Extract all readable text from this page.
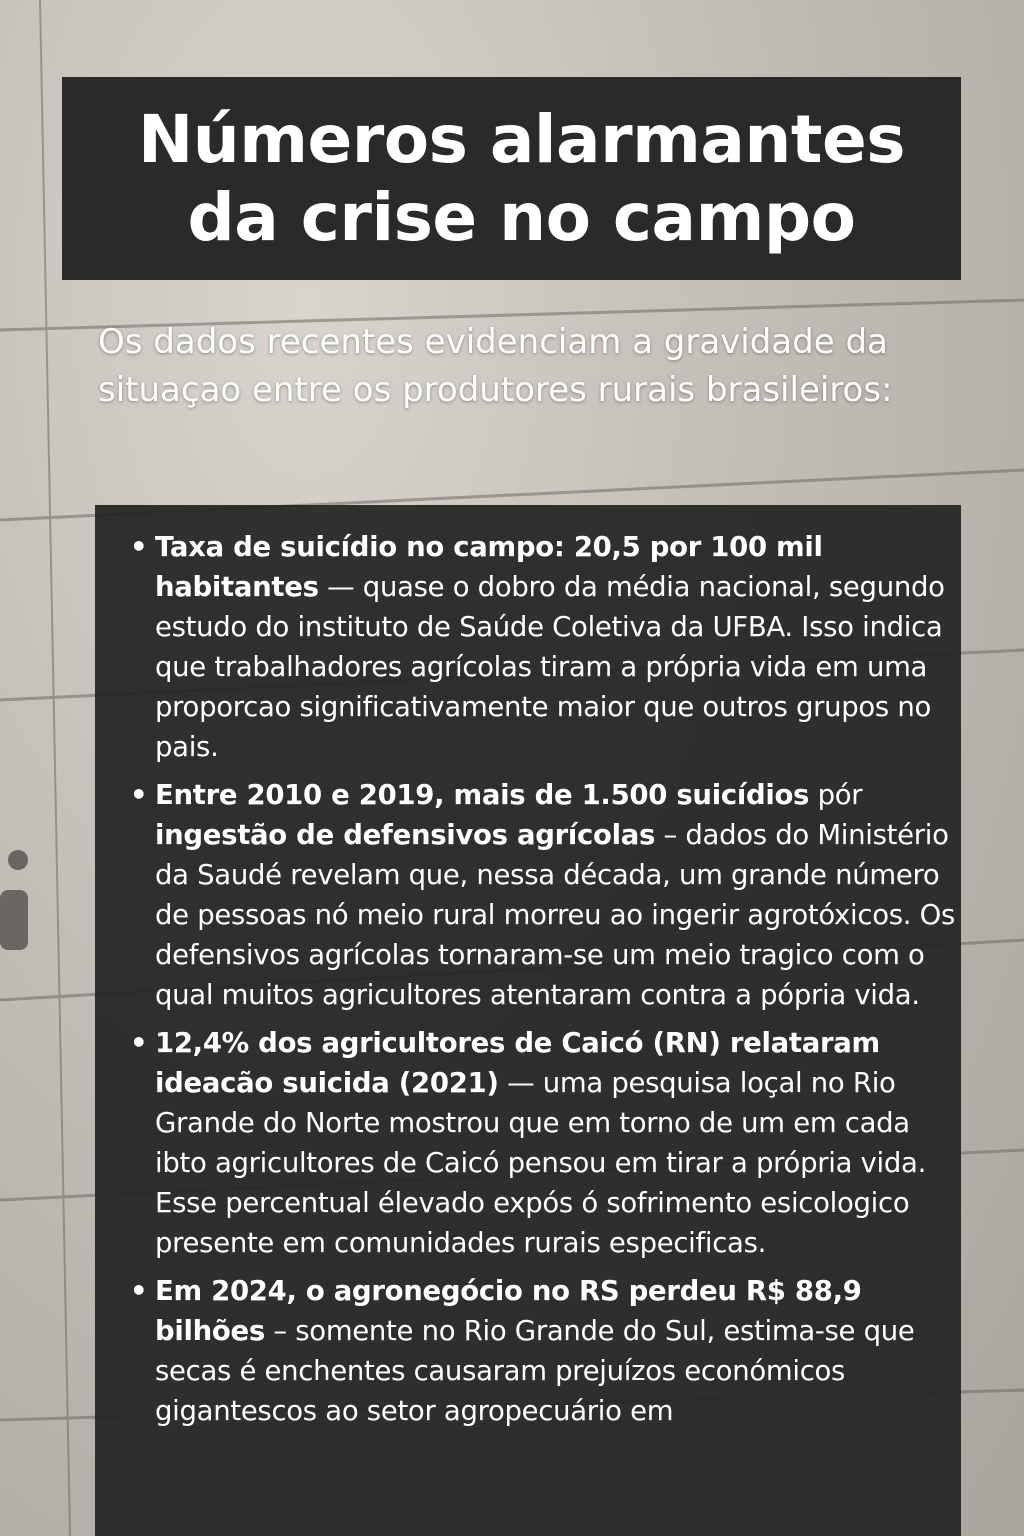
Números alarmantes
da crise no campo

Os dados recentes evidenciam a gravidade da situaçao entre os produtores rurais brasileiros:

• Taxa de suicídio no campo: 20,5 por 100 mil habitantes — quase o dobro da média nacional, segundo estudo do instituto de Saúde Coletiva da UFBA. Isso indica que trabalhadores agrícolas tiram a própria vida em uma proporcao significativamente maior que outros grupos no pais.
• Entre 2010 e 2019, mais de 1.500 suicídios pór ingestão de defensivos agrícolas – dados do Ministério da Saudé revelam que, nessa década, um grande número de pessoas nó meio rural morreu ao ingerir agrotóxicos. Os defensivos agrícolas tornaram-se um meio tragico com o qual muitos agricultores atentaram contra a pópria vida.
• 12,4% dos agricultores de Caicó (RN) relataram ideacão suicida (2021) — uma pesquisa loçal no Rio Grande do Norte mostrou que em torno de um em cada ibto agricultores de Caicó pensou em tirar a própria vida. Esse percentual élevado expós ó sofrimento esicologico presente em comunidades rurais especificas.
• Em 2024, o agronegócio no RS perdeu R$ 88,9 bilhões – somente no Rio Grande do Sul, estima-se que secas é enchentes causaram prejuízos económicos gigantescos ao setor agropecuário em
